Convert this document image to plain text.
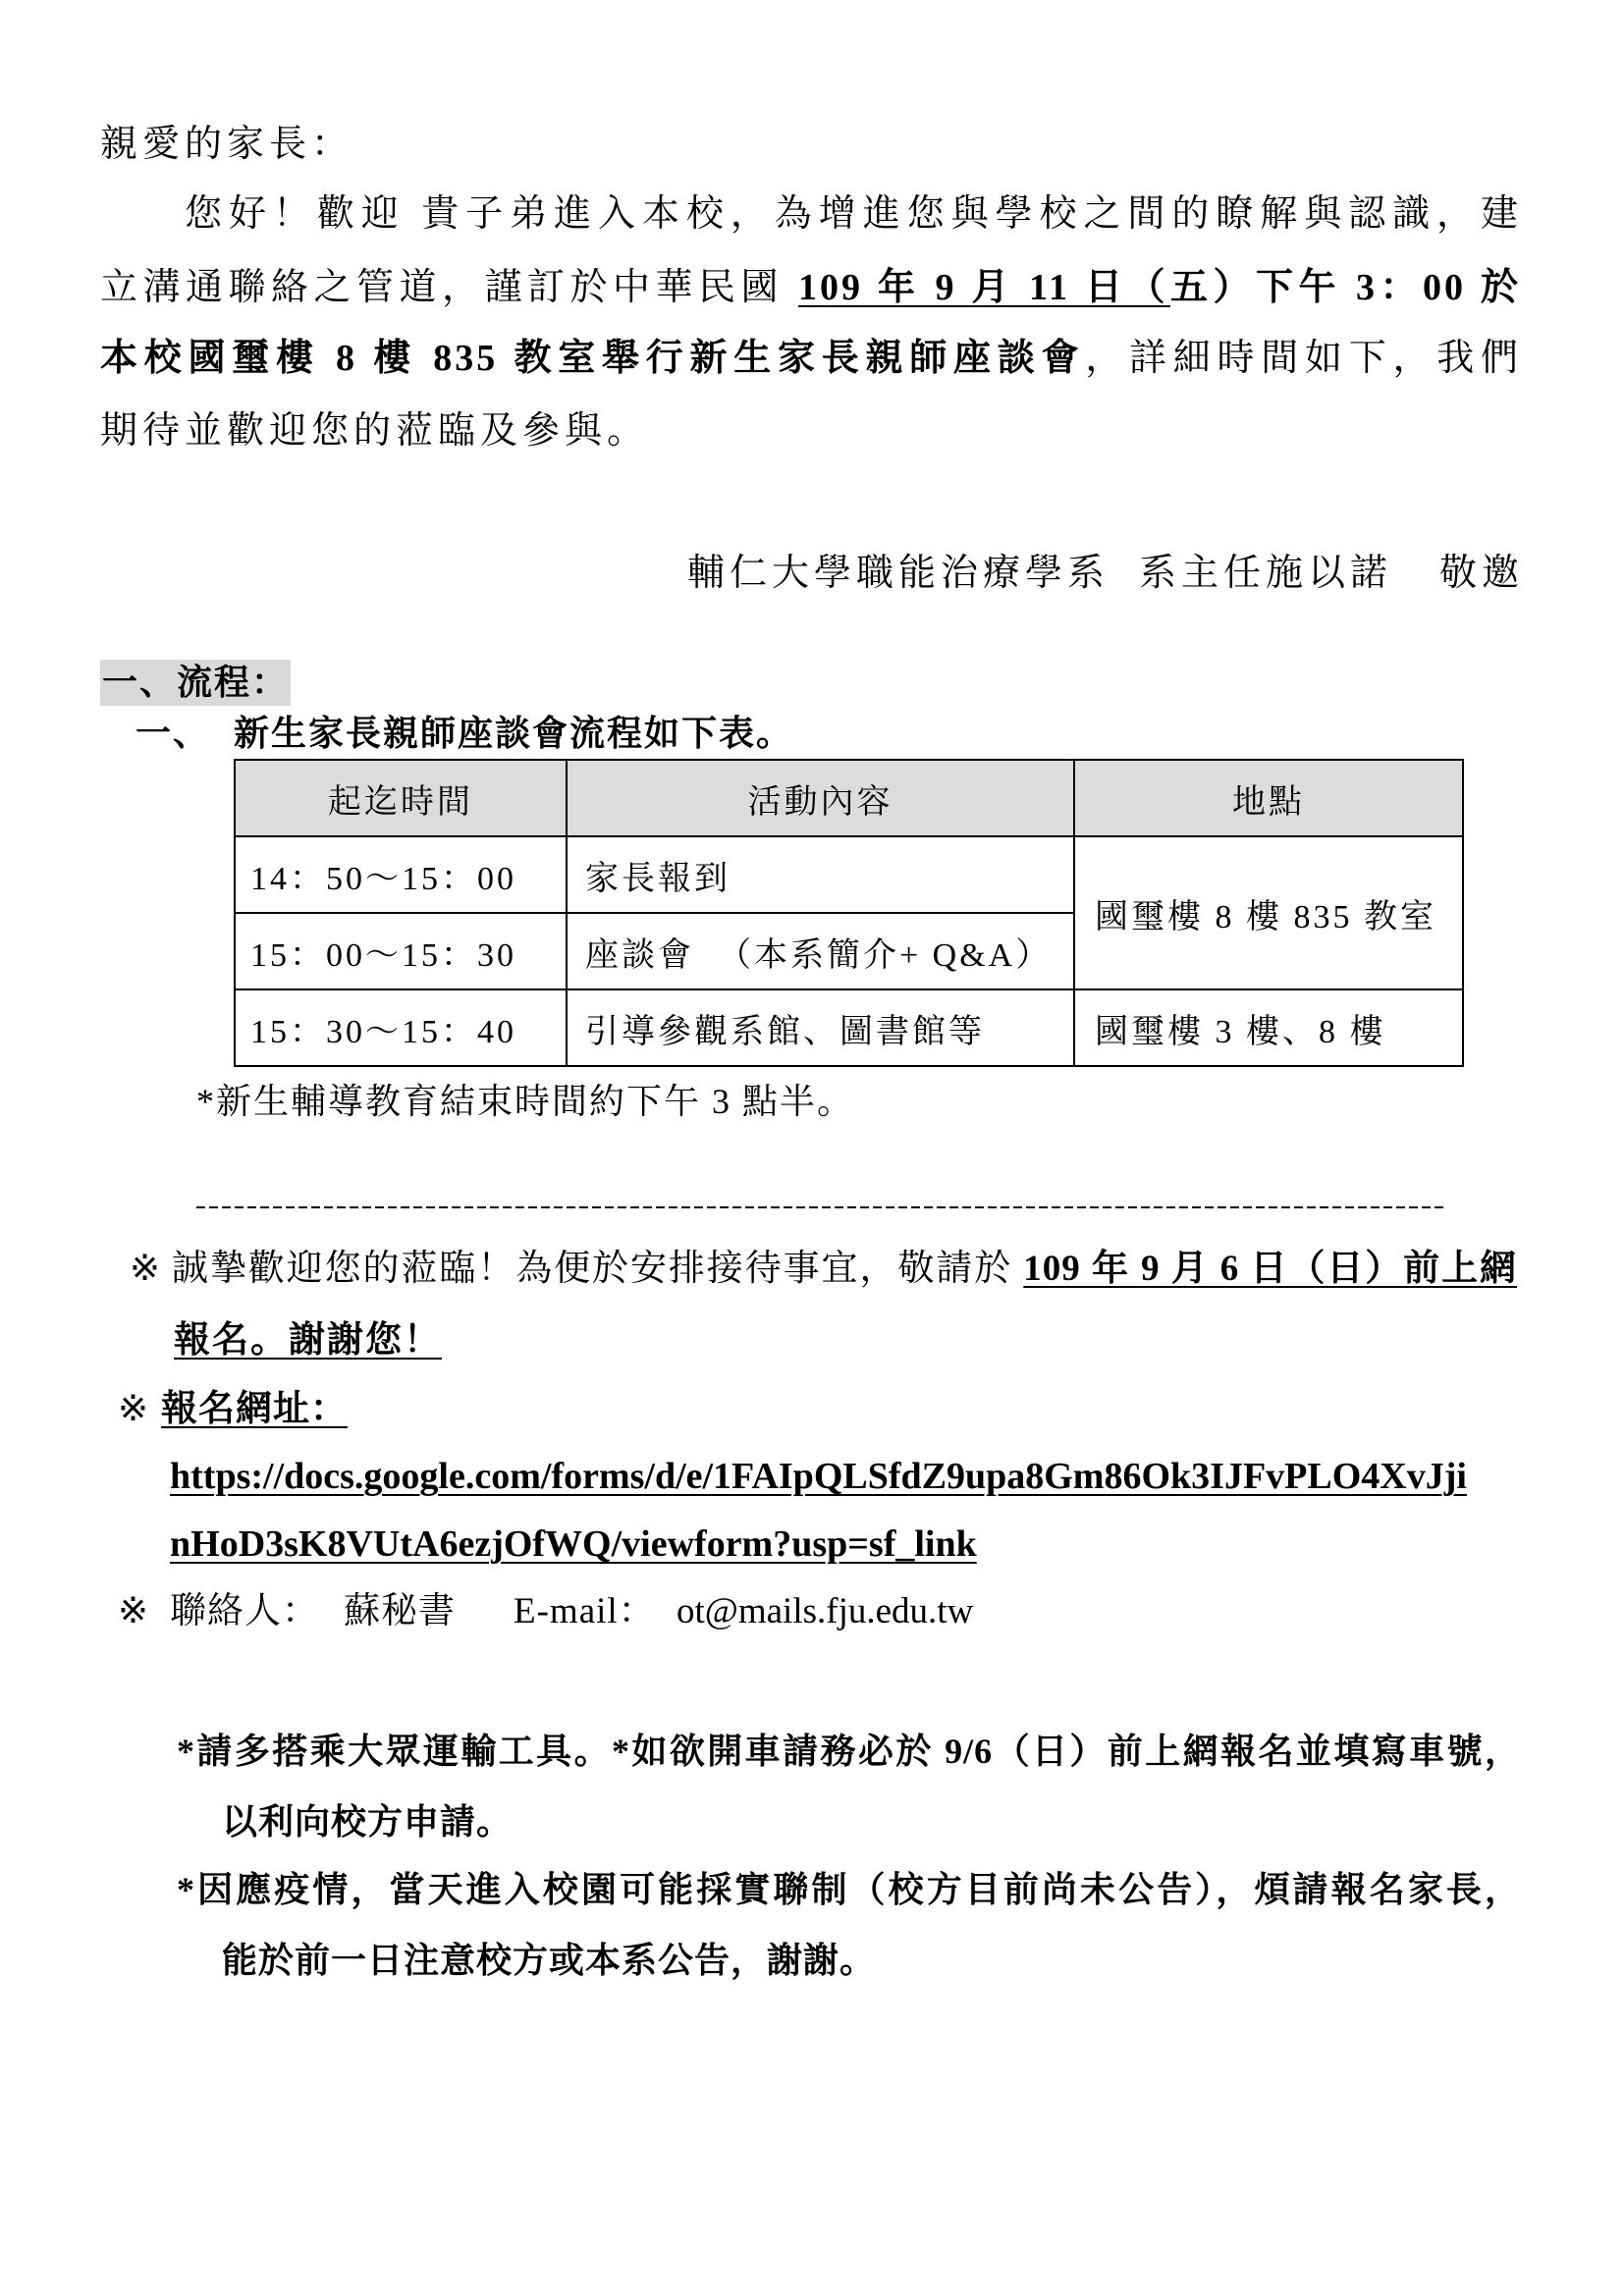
親愛的家長：
您好！歡迎 貴子弟進入本校，為增進您與學校之間的瞭解與認識，建
立溝通聯絡之管道，謹訂於中華民國 109 年 9 月 11 日（五）下午 3：00 於
本校國璽樓 8 樓 835 教室舉行新生家長親師座談會，詳細時間如下，我們
期待並歡迎您的蒞臨及參與。
輔仁大學職能治療學系 系主任施以諾 敬邀
一、流程：
一、 新生家長親師座談會流程如下表。
起迄時間	活動內容	地點
14：50～15：00	家長報到	國璽樓 8 樓 835 教室
15：00～15：30	座談會 （本系簡介+ Q&A）	
15：30～15：40	引導參觀系館、圖書館等	國璽樓 3 樓、8 樓
*新生輔導教育結束時間約下午 3 點半。
※ 誠摯歡迎您的蒞臨！為便於安排接待事宜，敬請於 109 年 9 月 6 日（日）前上網
報名。謝謝您！
※ 報名網址：
https://docs.google.com/forms/d/e/1FAIpQLSfdZ9upa8Gm86Ok3IJFvPLO4XvJji
nHoD3sK8VUtA6ezjOfWQ/viewform?usp=sf_link
※ 聯絡人： 蘇秘書 E-mail： ot@mails.fju.edu.tw
*請多搭乘大眾運輸工具。*如欲開車請務必於 9/6（日）前上網報名並填寫車號，
以利向校方申請。
*因應疫情，當天進入校園可能採實聯制（校方目前尚未公告），煩請報名家長，
能於前一日注意校方或本系公告，謝謝。
